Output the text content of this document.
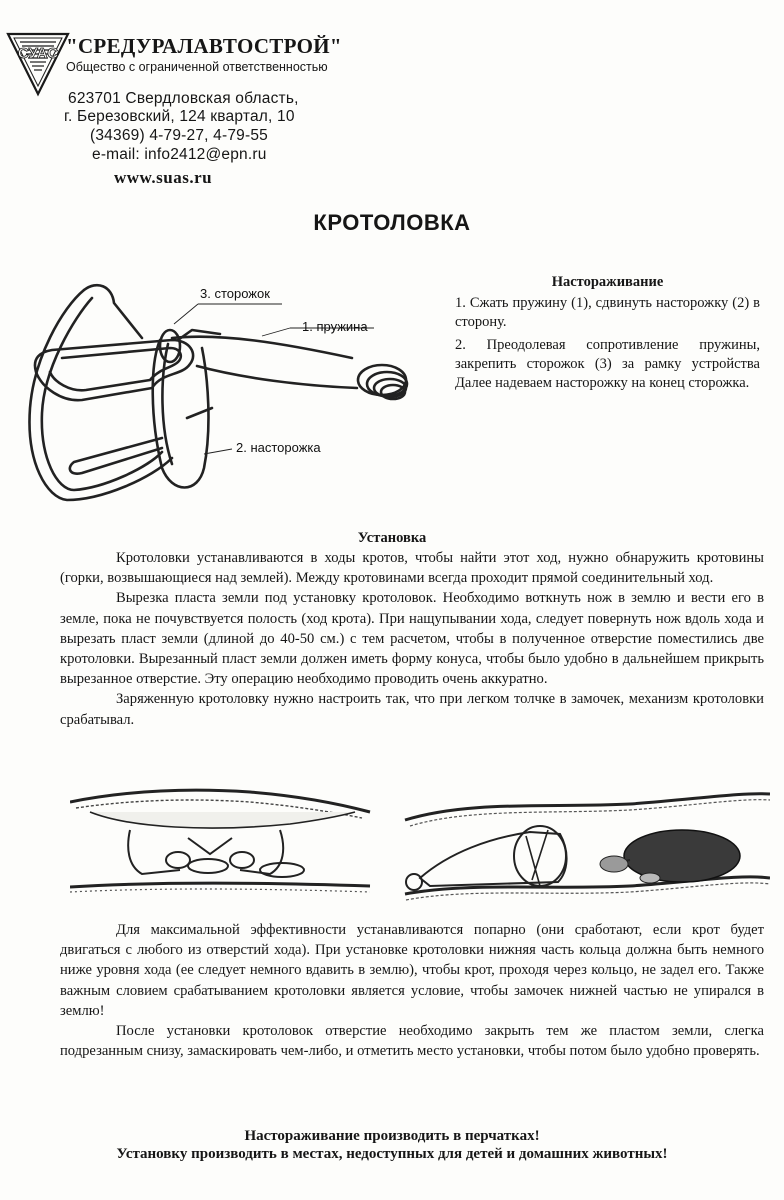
СУАС "СРЕДУРАЛАВТОСТРОЙ"
Общество с ограниченной ответственностью
623701 Свердловская область,
г. Березовский, 124 квартал, 10
(34369) 4-79-27, 4-79-55
e-mail: info2412@epn.ru
www.suas.ru
КРОТОЛОВКА
3. сторожок
1. пружина
2. насторожка
Настораживание

1. Сжать пружину (1), сдвинуть насторожку (2) в сторону.

2. Преодолевая сопротивление пружины, закрепить сторожок (3) за рамку устройства Далее надеваем насторожку на конец сторожка.

Установка

Кротоловки устанавливаются в ходы кротов, чтобы найти этот ход, нужно обнаружить кротовины (горки, возвышающиеся над землей). Между кротовинами всегда проходит прямой соединительный ход.

Вырезка пласта земли под установку кротоловок. Необходимо воткнуть нож в землю и вести его в земле, пока не почувствуется полость (ход крота). При нащупывании хода, следует повернуть нож вдоль хода и вырезать пласт земли (длиной до 40-50 см.) с тем расчетом, чтобы в полученное отверстие поместились две кротоловки. Вырезанный пласт земли должен иметь форму конуса, чтобы было удобно в дальнейшем прикрыть вырезанное отверстие. Эту операцию необходимо проводить очень аккуратно.

Заряженную кротоловку нужно настроить так, что при легком толчке в замочек, механизм кротоловки срабатывал.

Для максимальной эффективности устанавливаются попарно (они сработают, если крот будет двигаться с любого из отверстий хода). При установке кротоловки нижняя часть кольца должна быть немного ниже уровня хода (ее следует немного вдавить в землю), чтобы крот, проходя через кольцо, не задел его. Также важным словием срабатыванием кротоловки является условие, чтобы замочек нижней частью не упирался в землю!

После установки кротоловок отверстие необходимо закрыть тем же пластом земли, слегка подрезанным снизу, замаскировать чем-либо, и отметить место установки, чтобы потом было удобно проверять.

Настораживание производить в перчатках!
Установку производить в местах, недоступных для детей и домашних животных!
